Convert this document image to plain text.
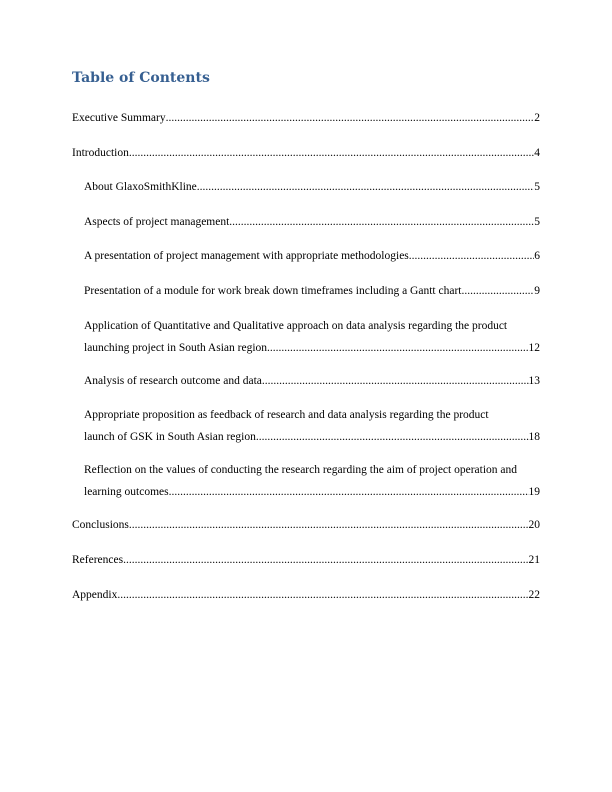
Table of Contents
Executive Summary .....	2
Introduction .....	4
About GlaxoSmithKline .....	5
Aspects of project management .....	5
A presentation of project management with appropriate methodologies .....	6
Presentation of a module for work break down timeframes including a Gantt chart .....	9
Application of Quantitative and Qualitative approach on data analysis regarding the product
launching project in South Asian region .....	12
Analysis of research outcome and data .....	13
Appropriate proposition as feedback of research and data analysis regarding the product
launch of GSK in South Asian region .....	18
Reflection on the values of conducting the research regarding the aim of project operation and
learning outcomes .....	19
Conclusions .....	20
References .....	21
Appendix .....	22
